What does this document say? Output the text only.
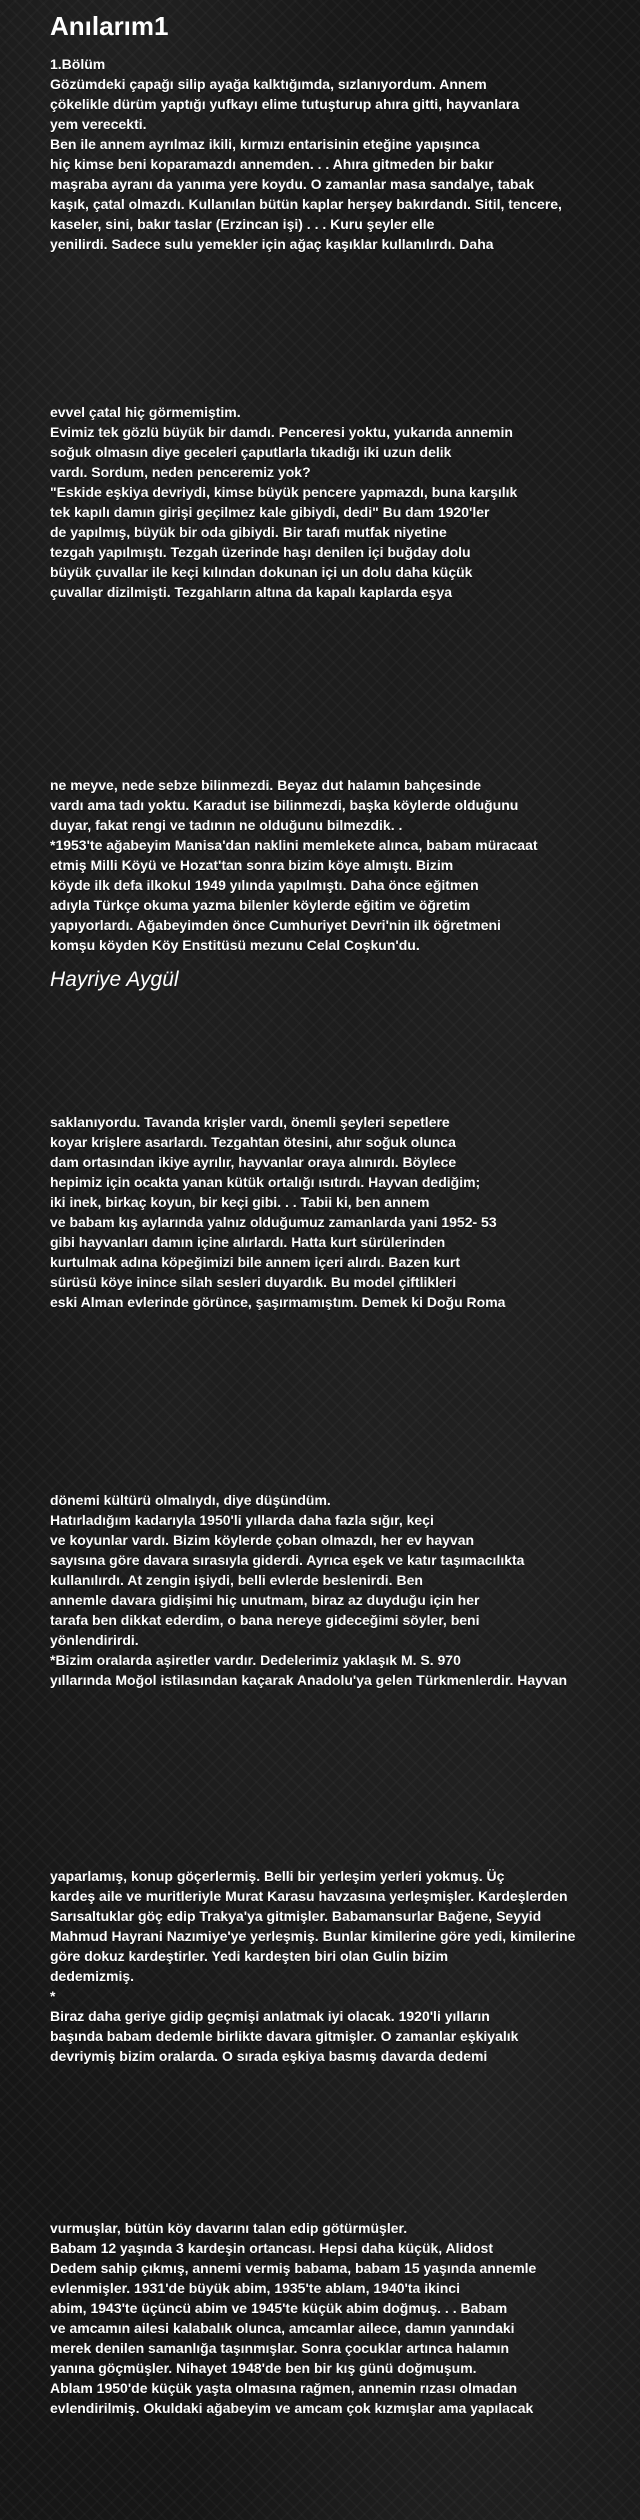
Anılarım1
1.Bölüm
Gözümdeki çapağı silip ayağa kalktığımda, sızlanıyordum. Annem
çökelikle dürüm yaptığı yufkayı elime tutuşturup ahıra gitti, hayvanlara
yem verecekti.
Ben ile annem ayrılmaz ikili, kırmızı entarisinin eteğine yapışınca
hiç kimse beni koparamazdı annemden. . . Ahıra gitmeden bir bakır
maşraba ayranı da yanıma yere koydu. O zamanlar masa sandalye, tabak
kaşık, çatal olmazdı. Kullanılan bütün kaplar herşey bakırdandı. Sitil, tencere,
kaseler, sini, bakır taslar (Erzincan işi) . . . Kuru şeyler elle
yenilirdi. Sadece sulu yemekler için ağaç kaşıklar kullanılırdı. Daha
evvel çatal hiç görmemiştim.
Evimiz tek gözlü büyük bir damdı. Penceresi yoktu, yukarıda annemin
soğuk olmasın diye geceleri çaputlarla tıkadığı iki uzun delik
vardı. Sordum, neden penceremiz yok?
"Eskide eşkiya devriydi, kimse büyük pencere yapmazdı, buna karşılık
tek kapılı damın girişi geçilmez kale gibiydi, dedi" Bu dam 1920'ler
de yapılmış, büyük bir oda gibiydi. Bir tarafı mutfak niyetine
tezgah yapılmıştı. Tezgah üzerinde haşı denilen içi buğday dolu
büyük çuvallar ile keçi kılından dokunan içi un dolu daha küçük
çuvallar dizilmişti. Tezgahların altına da kapalı kaplarda eşya
ne meyve, nede sebze bilinmezdi. Beyaz dut halamın bahçesinde
vardı ama tadı yoktu. Karadut ise bilinmezdi, başka köylerde olduğunu
duyar, fakat rengi ve tadının ne olduğunu bilmezdik. .
*1953'te ağabeyim Manisa'dan naklini memlekete alınca, babam müracaat
etmiş Milli Köyü ve Hozat'tan sonra bizim köye almıştı. Bizim
köyde ilk defa ilkokul 1949 yılında yapılmıştı. Daha önce eğitmen
adıyla Türkçe okuma yazma bilenler köylerde eğitim ve öğretim
yapıyorlardı. Ağabeyimden önce Cumhuriyet Devri'nin ilk öğretmeni
komşu köyden Köy Enstitüsü mezunu Celal Coşkun'du.
Hayriye Aygül
saklanıyordu. Tavanda krişler vardı, önemli şeyleri sepetlere
koyar krişlere asarlardı. Tezgahtan ötesini, ahır soğuk olunca
dam ortasından ikiye ayrılır, hayvanlar oraya alınırdı. Böylece
hepimiz için ocakta yanan kütük ortalığı ısıtırdı. Hayvan dediğim;
iki inek, birkaç koyun, bir keçi gibi. . . Tabii ki, ben annem
ve babam kış aylarında yalnız olduğumuz zamanlarda yani 1952- 53
gibi hayvanları damın içine alırlardı. Hatta kurt sürülerinden
kurtulmak adına köpeğimizi bile annem içeri alırdı. Bazen kurt
sürüsü köye inince silah sesleri duyardık. Bu model çiftlikleri
eski Alman evlerinde görünce, şaşırmamıştım. Demek ki Doğu Roma
dönemi kültürü olmalıydı, diye düşündüm.
Hatırladığım kadarıyla 1950'li yıllarda daha fazla sığır, keçi
ve koyunlar vardı. Bizim köylerde çoban olmazdı, her ev hayvan
sayısına göre davara sırasıyla giderdi. Ayrıca eşek ve katır taşımacılıkta
kullanılırdı. At zengin işiydi, belli evlerde beslenirdi. Ben
annemle davara gidişimi hiç unutmam, biraz az duyduğu için her
tarafa ben dikkat ederdim, o bana nereye gideceğimi söyler, beni
yönlendirirdi.
*Bizim oralarda aşiretler vardır. Dedelerimiz yaklaşık M. S. 970
yıllarında Moğol istilasından kaçarak Anadolu'ya gelen Türkmenlerdir. Hayvan
yaparlamış, konup göçerlermiş. Belli bir yerleşim yerleri yokmuş. Üç
kardeş aile ve muritleriyle Murat Karasu havzasına yerleşmişler. Kardeşlerden
Sarısaltuklar göç edip Trakya'ya gitmişler. Babamansurlar Bağene, Seyyid
Mahmud Hayrani Nazımiye'ye yerleşmiş. Bunlar kimilerine göre yedi, kimilerine
göre dokuz kardeştirler. Yedi kardeşten biri olan Gulin bizim
dedemizmiş.
*
Biraz daha geriye gidip geçmişi anlatmak iyi olacak. 1920'li yılların
başında babam dedemle birlikte davara gitmişler. O zamanlar eşkiyalık
devriymiş bizim oralarda. O sırada eşkiya basmış davarda dedemi
vurmuşlar, bütün köy davarını talan edip götürmüşler.
Babam 12 yaşında 3 kardeşin ortancası. Hepsi daha küçük, Alidost
Dedem sahip çıkmış, annemi vermiş babama, babam 15 yaşında annemle
evlenmişler. 1931'de büyük abim, 1935'te ablam, 1940'ta ikinci
abim, 1943'te üçüncü abim ve 1945'te küçük abim doğmuş. . . Babam
ve amcamın ailesi kalabalık olunca, amcamlar ailece, damın yanındaki
merek denilen samanlığa taşınmışlar. Sonra çocuklar artınca halamın
yanına göçmüşler. Nihayet 1948'de ben bir kış günü doğmuşum.
Ablam 1950'de küçük yaşta olmasına rağmen, annemin rızası olmadan
evlendirilmiş. Okuldaki ağabeyim ve amcam çok kızmışlar ama yapılacak
